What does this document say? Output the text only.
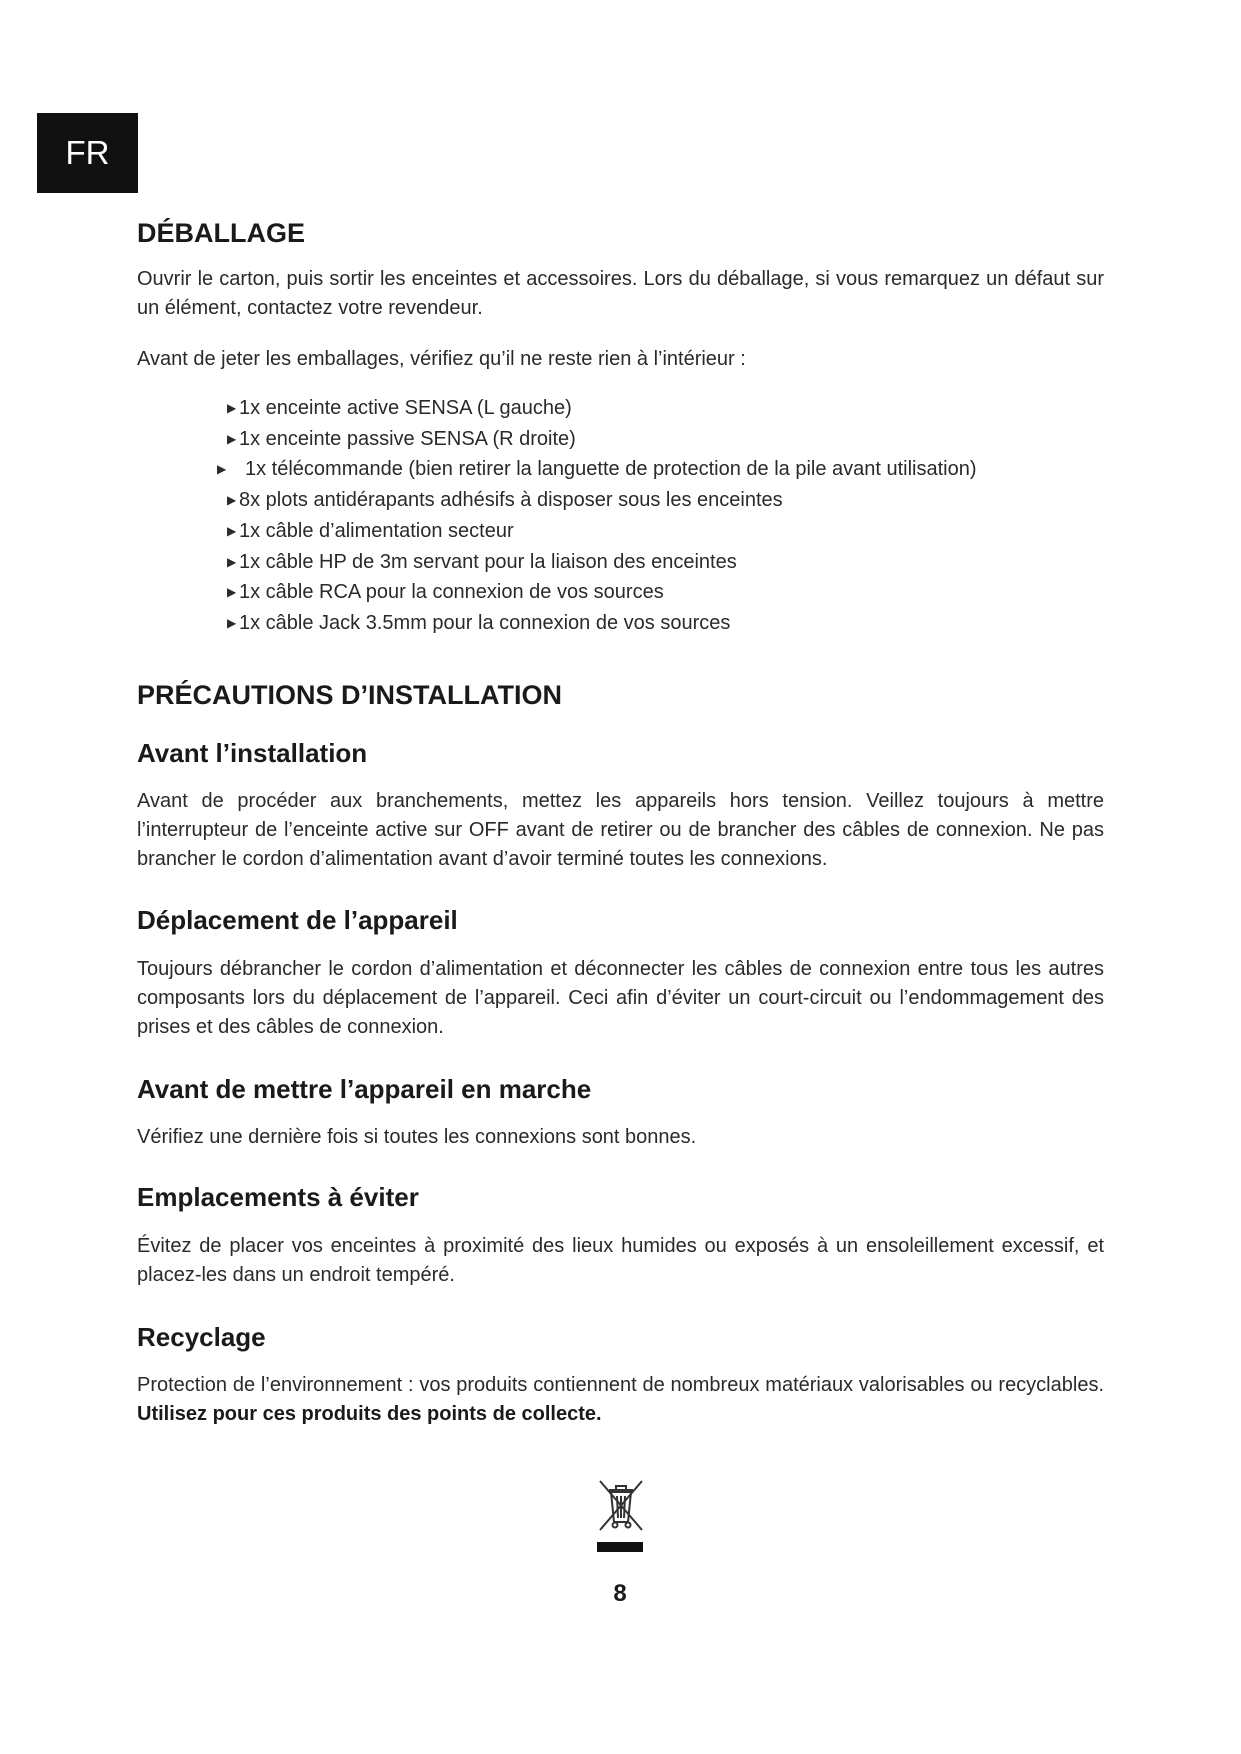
FR
DÉBALLAGE

Ouvrir le carton, puis sortir les enceintes et accessoires. Lors du déballage, si vous remarquez un défaut sur un élément, contactez votre revendeur.

Avant de jeter les emballages, vérifiez qu’il ne reste rien à l’intérieur :

▶ 1x enceinte active SENSA (L gauche)
▶ 1x enceinte passive SENSA (R droite)
▶ 1x télécommande (bien retirer la languette de protection de la pile avant utilisation)
▶ 8x plots antidérapants adhésifs à disposer sous les enceintes
▶ 1x câble d’alimentation secteur
▶ 1x câble HP de 3m servant pour la liaison des enceintes
▶ 1x câble RCA pour la connexion de vos sources
▶ 1x câble Jack 3.5mm pour la connexion de vos sources
PRÉCAUTIONS D’INSTALLATION
Avant l’installation

Avant de procéder aux branchements, mettez les appareils hors tension. Veillez toujours à mettre l’interrupteur de l’enceinte active sur OFF avant de retirer ou de brancher des câbles de connexion. Ne pas brancher le cordon d’alimentation avant d’avoir terminé toutes les connexions.

Déplacement de l’appareil

Toujours débrancher le cordon d’alimentation et déconnecter les câbles de connexion entre tous les autres composants lors du déplacement de l’appareil. Ceci afin d’éviter un court-circuit ou l’endommagement des prises et des câbles de connexion.

Avant de mettre l’appareil en marche

Vérifiez une dernière fois si toutes les connexions sont bonnes.

Emplacements à éviter

Évitez de placer vos enceintes à proximité des lieux humides ou exposés à un ensoleillement excessif, et placez-les dans un endroit tempéré.

Recyclage

Protection de l’environnement : vos produits contiennent de nombreux matériaux valorisables ou recyclables. Utilisez pour ces produits des points de collecte.

8
